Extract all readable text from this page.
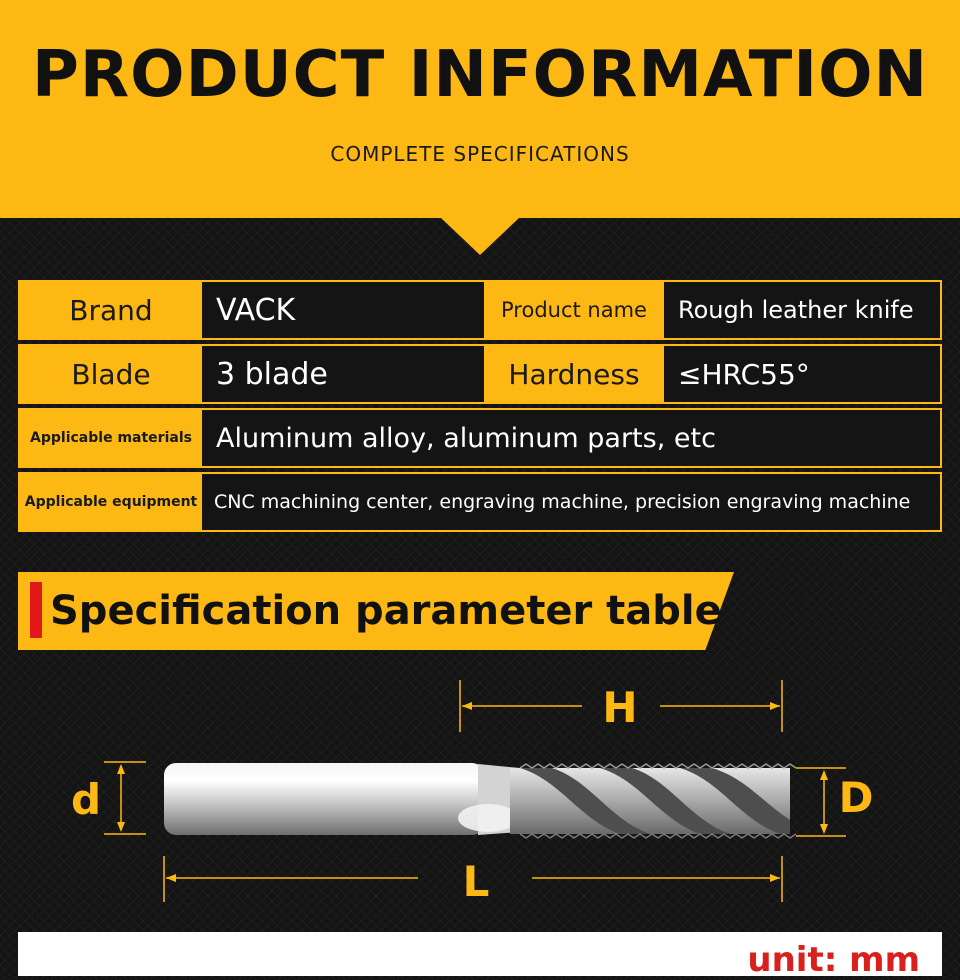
PRODUCT INFORMATION
COMPLETE SPECIFICATIONS
Brand	VACK	Product name	Rough leather knife
Blade	3 blade	Hardness	≤HRC55°
Applicable materials Aluminum alloy, aluminum parts, etc
Applicable equipment CNC machining center, engraving machine, precision engraving machine
Specification parameter table
H
d	D
L
unit: mm
